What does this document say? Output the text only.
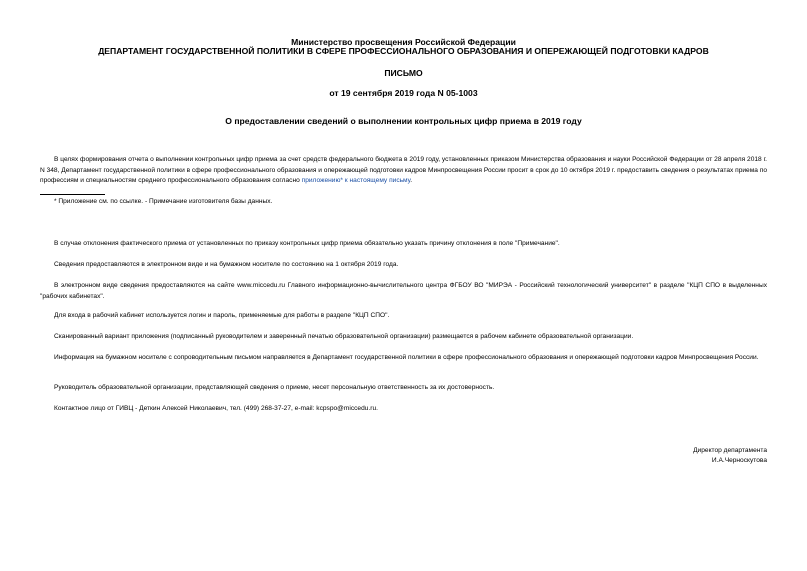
Министерство просвещения Российской Федерации
ДЕПАРТАМЕНТ ГОСУДАРСТВЕННОЙ ПОЛИТИКИ В СФЕРЕ ПРОФЕССИОНАЛЬНОГО ОБРАЗОВАНИЯ И ОПЕРЕЖАЮЩЕЙ ПОДГОТОВКИ КАДРОВ
ПИСЬМО
от 19 сентября 2019 года N 05-1003
О предоставлении сведений о выполнении контрольных цифр приема в 2019 году
В целях формирования отчета о выполнении контрольных цифр приема за счет средств федерального бюджета в 2019 году, установленных приказом Министерства образования и науки Российской Федерации от 28 апреля 2018 г. N 348, Департамент государственной политики в сфере профессионального образования и опережающей подготовки кадров Минпросвещения России просит в срок до 10 октября 2019 г. предоставить сведения о результатах приема по профессиям и специальностям среднего профессионального образования согласно приложению* к настоящему письму.
* Приложение см. по ссылке. - Примечание изготовителя базы данных.
В случае отклонения фактического приема от установленных по приказу контрольных цифр приема обязательно указать причину отклонения в поле "Примечание".
Сведения предоставляются в электронном виде и на бумажном носителе по состоянию на 1 октября 2019 года.
В электронном виде сведения предоставляются на сайте www.miccedu.ru Главного информационно-вычислительного центра ФГБОУ ВО "МИРЭА - Российский технологический университет" в разделе "КЦП СПО в выделенных "рабочих кабинетах".
Для входа в рабочий кабинет используется логин и пароль, применяемые для работы в разделе "КЦП СПО".
Сканированный вариант приложения (подписанный руководителем и заверенный печатью образовательной организации) размещается в рабочем кабинете образовательной организации.
Информация на бумажном носителе с сопроводительным письмом направляется в Департамент государственной политики в сфере профессионального образования и опережающей подготовки кадров Минпросвещения России.
Руководитель образовательной организации, представляющей сведения о приеме, несет персональную ответственность за их достоверность.
Контактное лицо от ГИВЦ - Деткин Алексей Николаевич, тел. (499) 268-37-27, e-mail: kcpspo@miccedu.ru.
Директор департамента
И.А.Черноскутова
